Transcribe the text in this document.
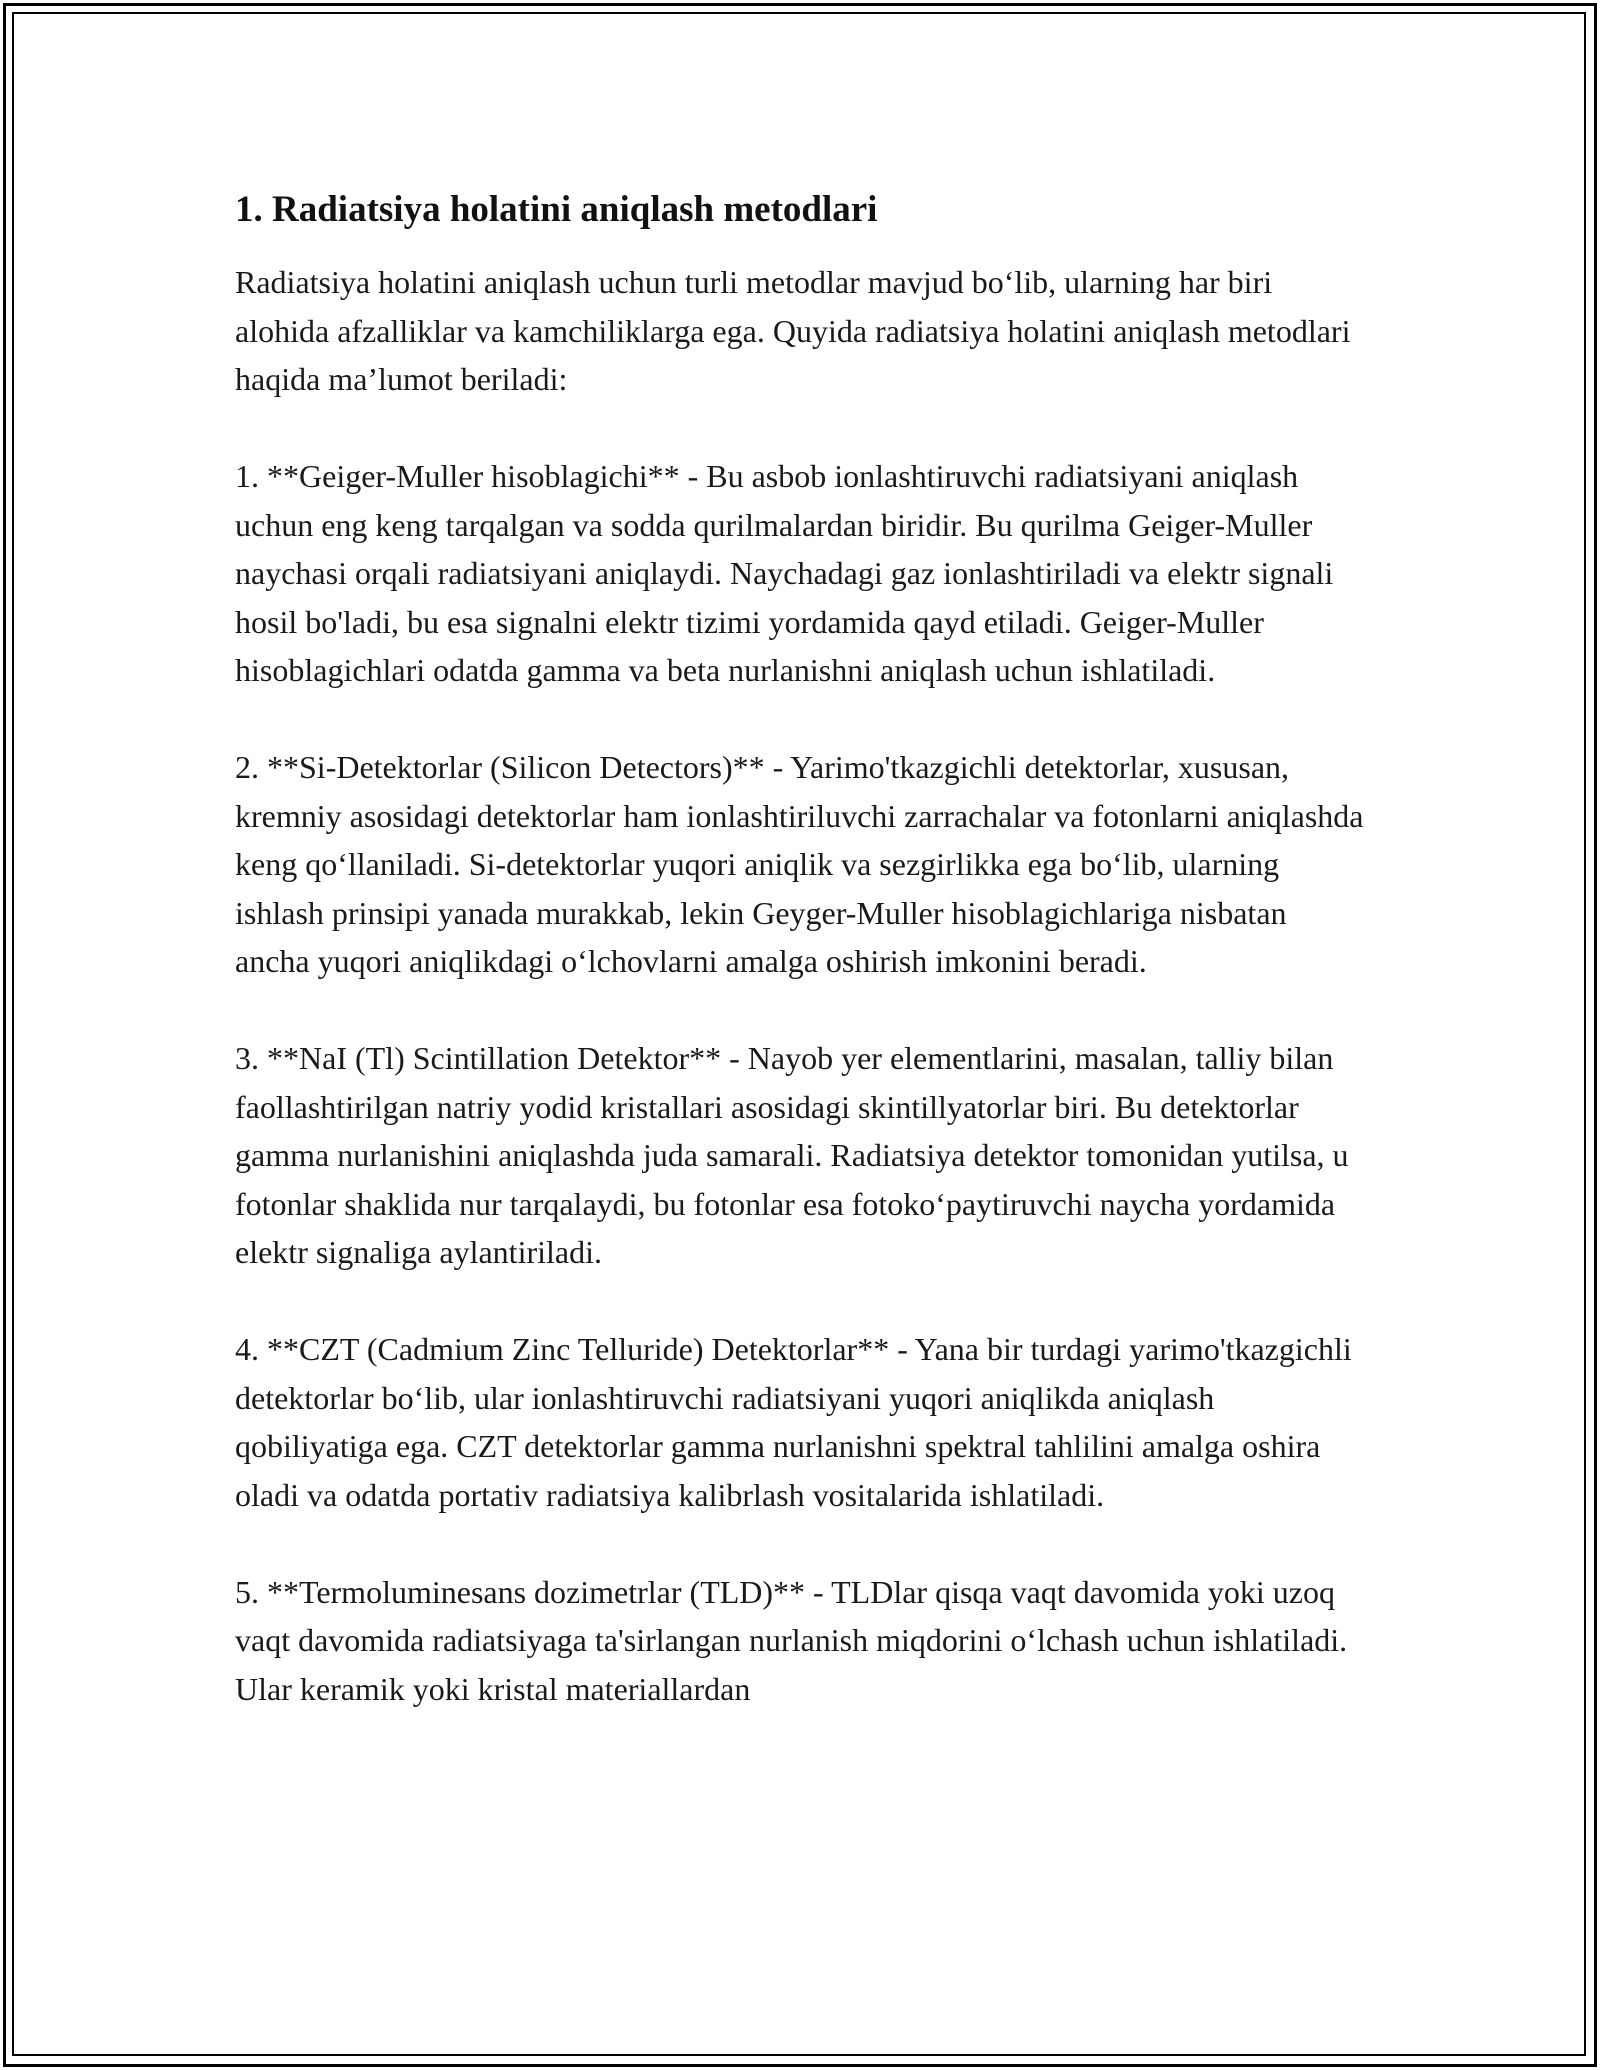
1. Radiatsiya holatini aniqlash metodlari

Radiatsiya holatini aniqlash uchun turli metodlar mavjud boʻlib, ularning har biri alohida afzalliklar va kamchiliklarga ega. Quyida radiatsiya holatini aniqlash metodlari haqida maʼlumot beriladi:

1. **Geiger-Muller hisoblagichi** - Bu asbob ionlashtiruvchi radiatsiyani aniqlash uchun eng keng tarqalgan va sodda qurilmalardan biridir. Bu qurilma Geiger-Muller naychasi orqali radiatsiyani aniqlaydi. Naychadagi gaz ionlashtiriladi va elektr signali hosil bo'ladi, bu esa signalni elektr tizimi yordamida qayd etiladi. Geiger-Muller hisoblagichlari odatda gamma va beta nurlanishni aniqlash uchun ishlatiladi.

2. **Si-Detektorlar (Silicon Detectors)** - Yarimo'tkazgichli detektorlar, xususan, kremniy asosidagi detektorlar ham ionlashtiriluvchi zarrachalar va fotonlarni aniqlashda keng qoʻllaniladi. Si-detektorlar yuqori aniqlik va sezgirlikka ega boʻlib, ularning ishlash prinsipi yanada murakkab, lekin Geyger-Muller hisoblagichlariga nisbatan ancha yuqori aniqlikdagi oʻlchovlarni amalga oshirish imkonini beradi.

3. **NaI (Tl) Scintillation Detektor** - Nayob yer elementlarini, masalan, talliy bilan faollashtirilgan natriy yodid kristallari asosidagi skintillyatorlar biri. Bu detektorlar gamma nurlanishini aniqlashda juda samarali. Radiatsiya detektor tomonidan yutilsa, u fotonlar shaklida nur tarqalaydi, bu fotonlar esa fotokoʻpaytiruvchi naycha yordamida elektr signaliga aylantiriladi.

4. **CZT (Cadmium Zinc Telluride) Detektorlar** - Yana bir turdagi yarimo'tkazgichli detektorlar boʻlib, ular ionlashtiruvchi radiatsiyani yuqori aniqlikda aniqlash qobiliyatiga ega. CZT detektorlar gamma nurlanishni spektral tahlilini amalga oshira oladi va odatda portativ radiatsiya kalibrlash vositalarida ishlatiladi.

5. **Termoluminesans dozimetrlar (TLD)** - TLDlar qisqa vaqt davomida yoki uzoq vaqt davomida radiatsiyaga ta'sirlangan nurlanish miqdorini oʻlchash uchun ishlatiladi. Ular keramik yoki kristal materiallardan
